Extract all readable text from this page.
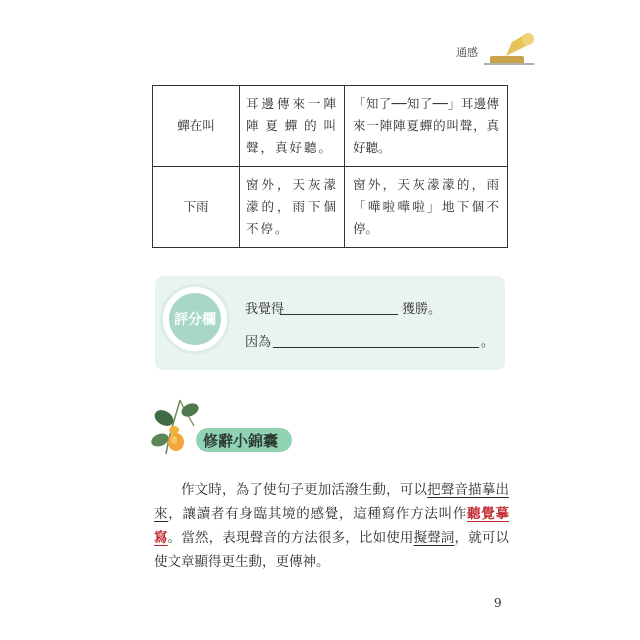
通感
蟬在叫	耳邊傳來一陣陣夏蟬的叫聲，真好聽。	「知了──知了──」耳邊傳來一陣陣夏蟬的叫聲，真好聽。
下雨	窗外，天灰濛濛的，雨下個不停。	窗外，天灰濛濛的，雨「嘩啦嘩啦」地下個不停。
評分欄
我覺得	獲勝。
因為	。
修辭小錦囊

作文時，為了使句子更加活潑生動，可以把聲音描摹出來，讓讀者有身臨其境的感覺，這種寫作方法叫作聽覺摹寫。當然，表現聲音的方法很多，比如使用擬聲詞，就可以使文章顯得更生動，更傳神。

9
